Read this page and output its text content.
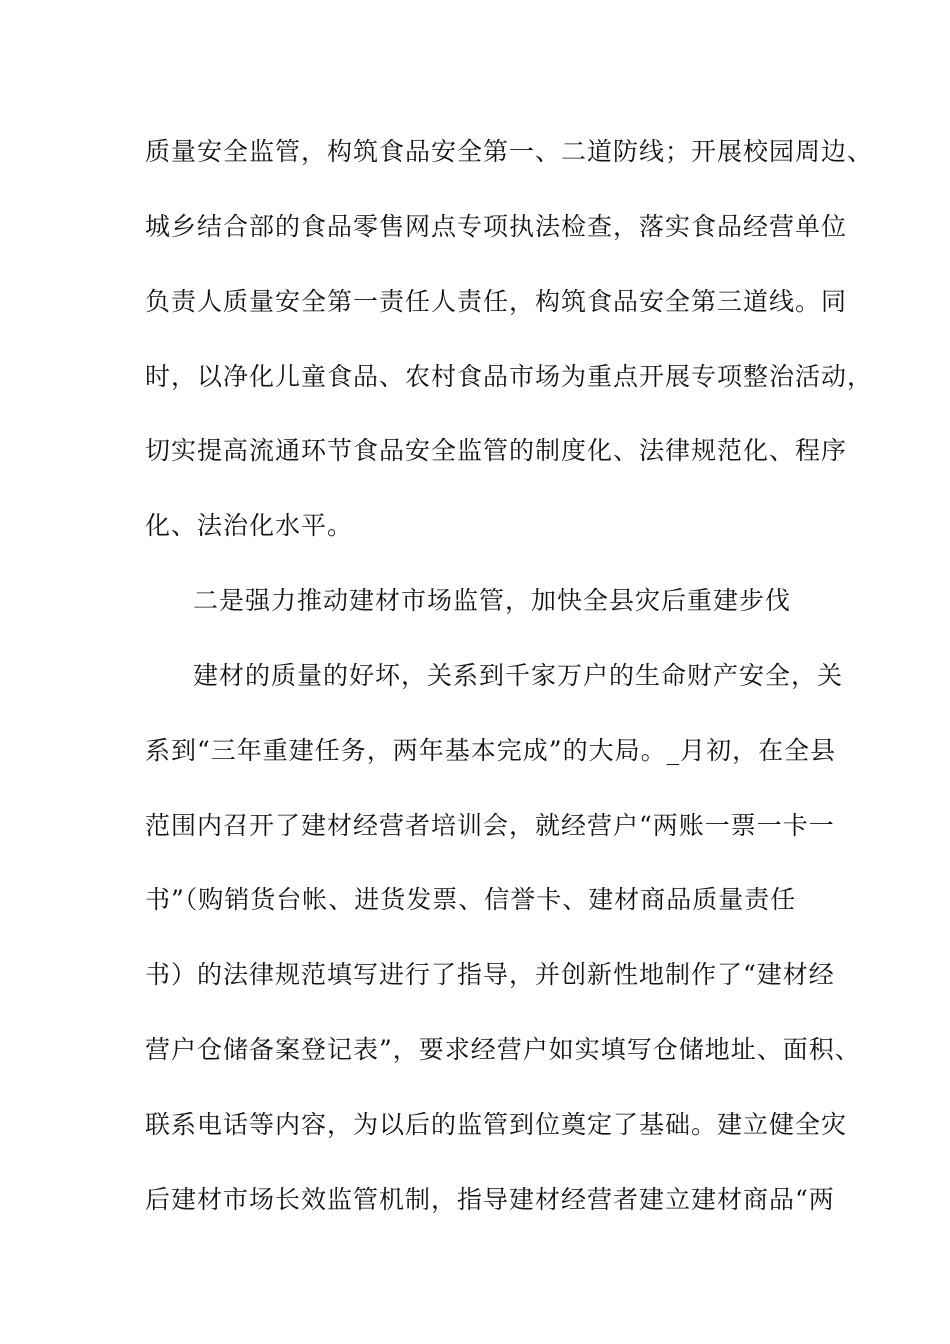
质量安全监管，构筑食品安全第一、二道防线；开展校园周边、
城乡结合部的食品零售网点专项执法检查，落实食品经营单位
负责人质量安全第一责任人责任，构筑食品安全第三道线。同
时，以净化儿童食品、农村食品市场为重点开展专项整治活动，
切实提高流通环节食品安全监管的制度化、法律规范化、程序
化、法治化水平。
二是强力推动建材市场监管，加快全县灾后重建步伐
建材的质量的好坏，关系到千家万户的生命财产安全，关
系到“三年重建任务，两年基本完成”的大局。_月初，在全县
范围内召开了建材经营者培训会，就经营户“两账一票一卡一
书”（购销货台帐、进货发票、信誉卡、建材商品质量责任
书）的法律规范填写进行了指导，并创新性地制作了“建材经
营户仓储备案登记表”，要求经营户如实填写仓储地址、面积、
联系电话等内容，为以后的监管到位奠定了基础。建立健全灾
后建材市场长效监管机制，指导建材经营者建立建材商品“两
